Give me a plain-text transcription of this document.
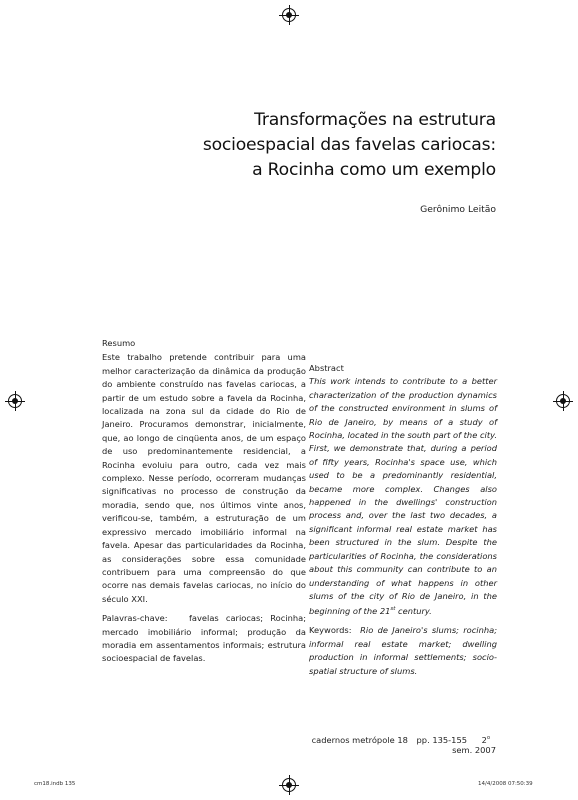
Transformações na estrutura
socioespacial das favelas cariocas:
a Rocinha como um exemplo
Gerônimo Leitão
Resumo
Este trabalho pretende contribuir para uma melhor caracterização da dinâmica da produção do ambiente construído nas favelas cariocas, a partir de um estudo sobre a favela da Rocinha, localizada na zona sul da cidade do Rio de Janeiro. Procuramos demonstrar, inicialmente, que, ao longo de cinqüenta anos, de um espaço de uso predominantemente residencial, a Rocinha evoluiu para outro, cada vez mais complexo. Nesse período, ocorreram mudanças significativas no processo de construção da moradia, sendo que, nos últimos vinte anos, verificou-se, também, a estruturação de um expressivo mercado imobiliário informal na favela. Apesar das particularidades da Rocinha, as considerações sobre essa comunidade contribuem para uma compreensão do que ocorre nas demais favelas cariocas, no início do século XXI.
Palavras-chave:	favelas cariocas; Rocinha; mercado imobiliário informal; produção da moradia em assentamentos informais; estrutura socioespacial de favelas.
Abstract
This work intends to contribute to a better characterization of the production dynamics of the constructed environment in slums of Rio de Janeiro, by means of a study of Rocinha, located in the south part of the city. First, we demonstrate that, during a period of fifty years, Rocinha's space use, which used to be a predominantly residential, became more complex. Changes also happened in the dwellings' construction process and, over the last two decades, a significant informal real estate market has been structured in the slum. Despite the particularities of Rocinha, the considerations about this community can contribute to an understanding of what happens in other slums of the city of Rio de Janeiro, in the beginning of the 21st century.
Keywords: Rio de Janeiro's slums; rocinha; informal real estate market; dwelling production in informal settlements; socio-spatial structure of slums.
cadernos metrópole 18 pp. 135-155 2$^o$ sem. 2007
cm18.indb 135	14/4/2008 07:50:39
